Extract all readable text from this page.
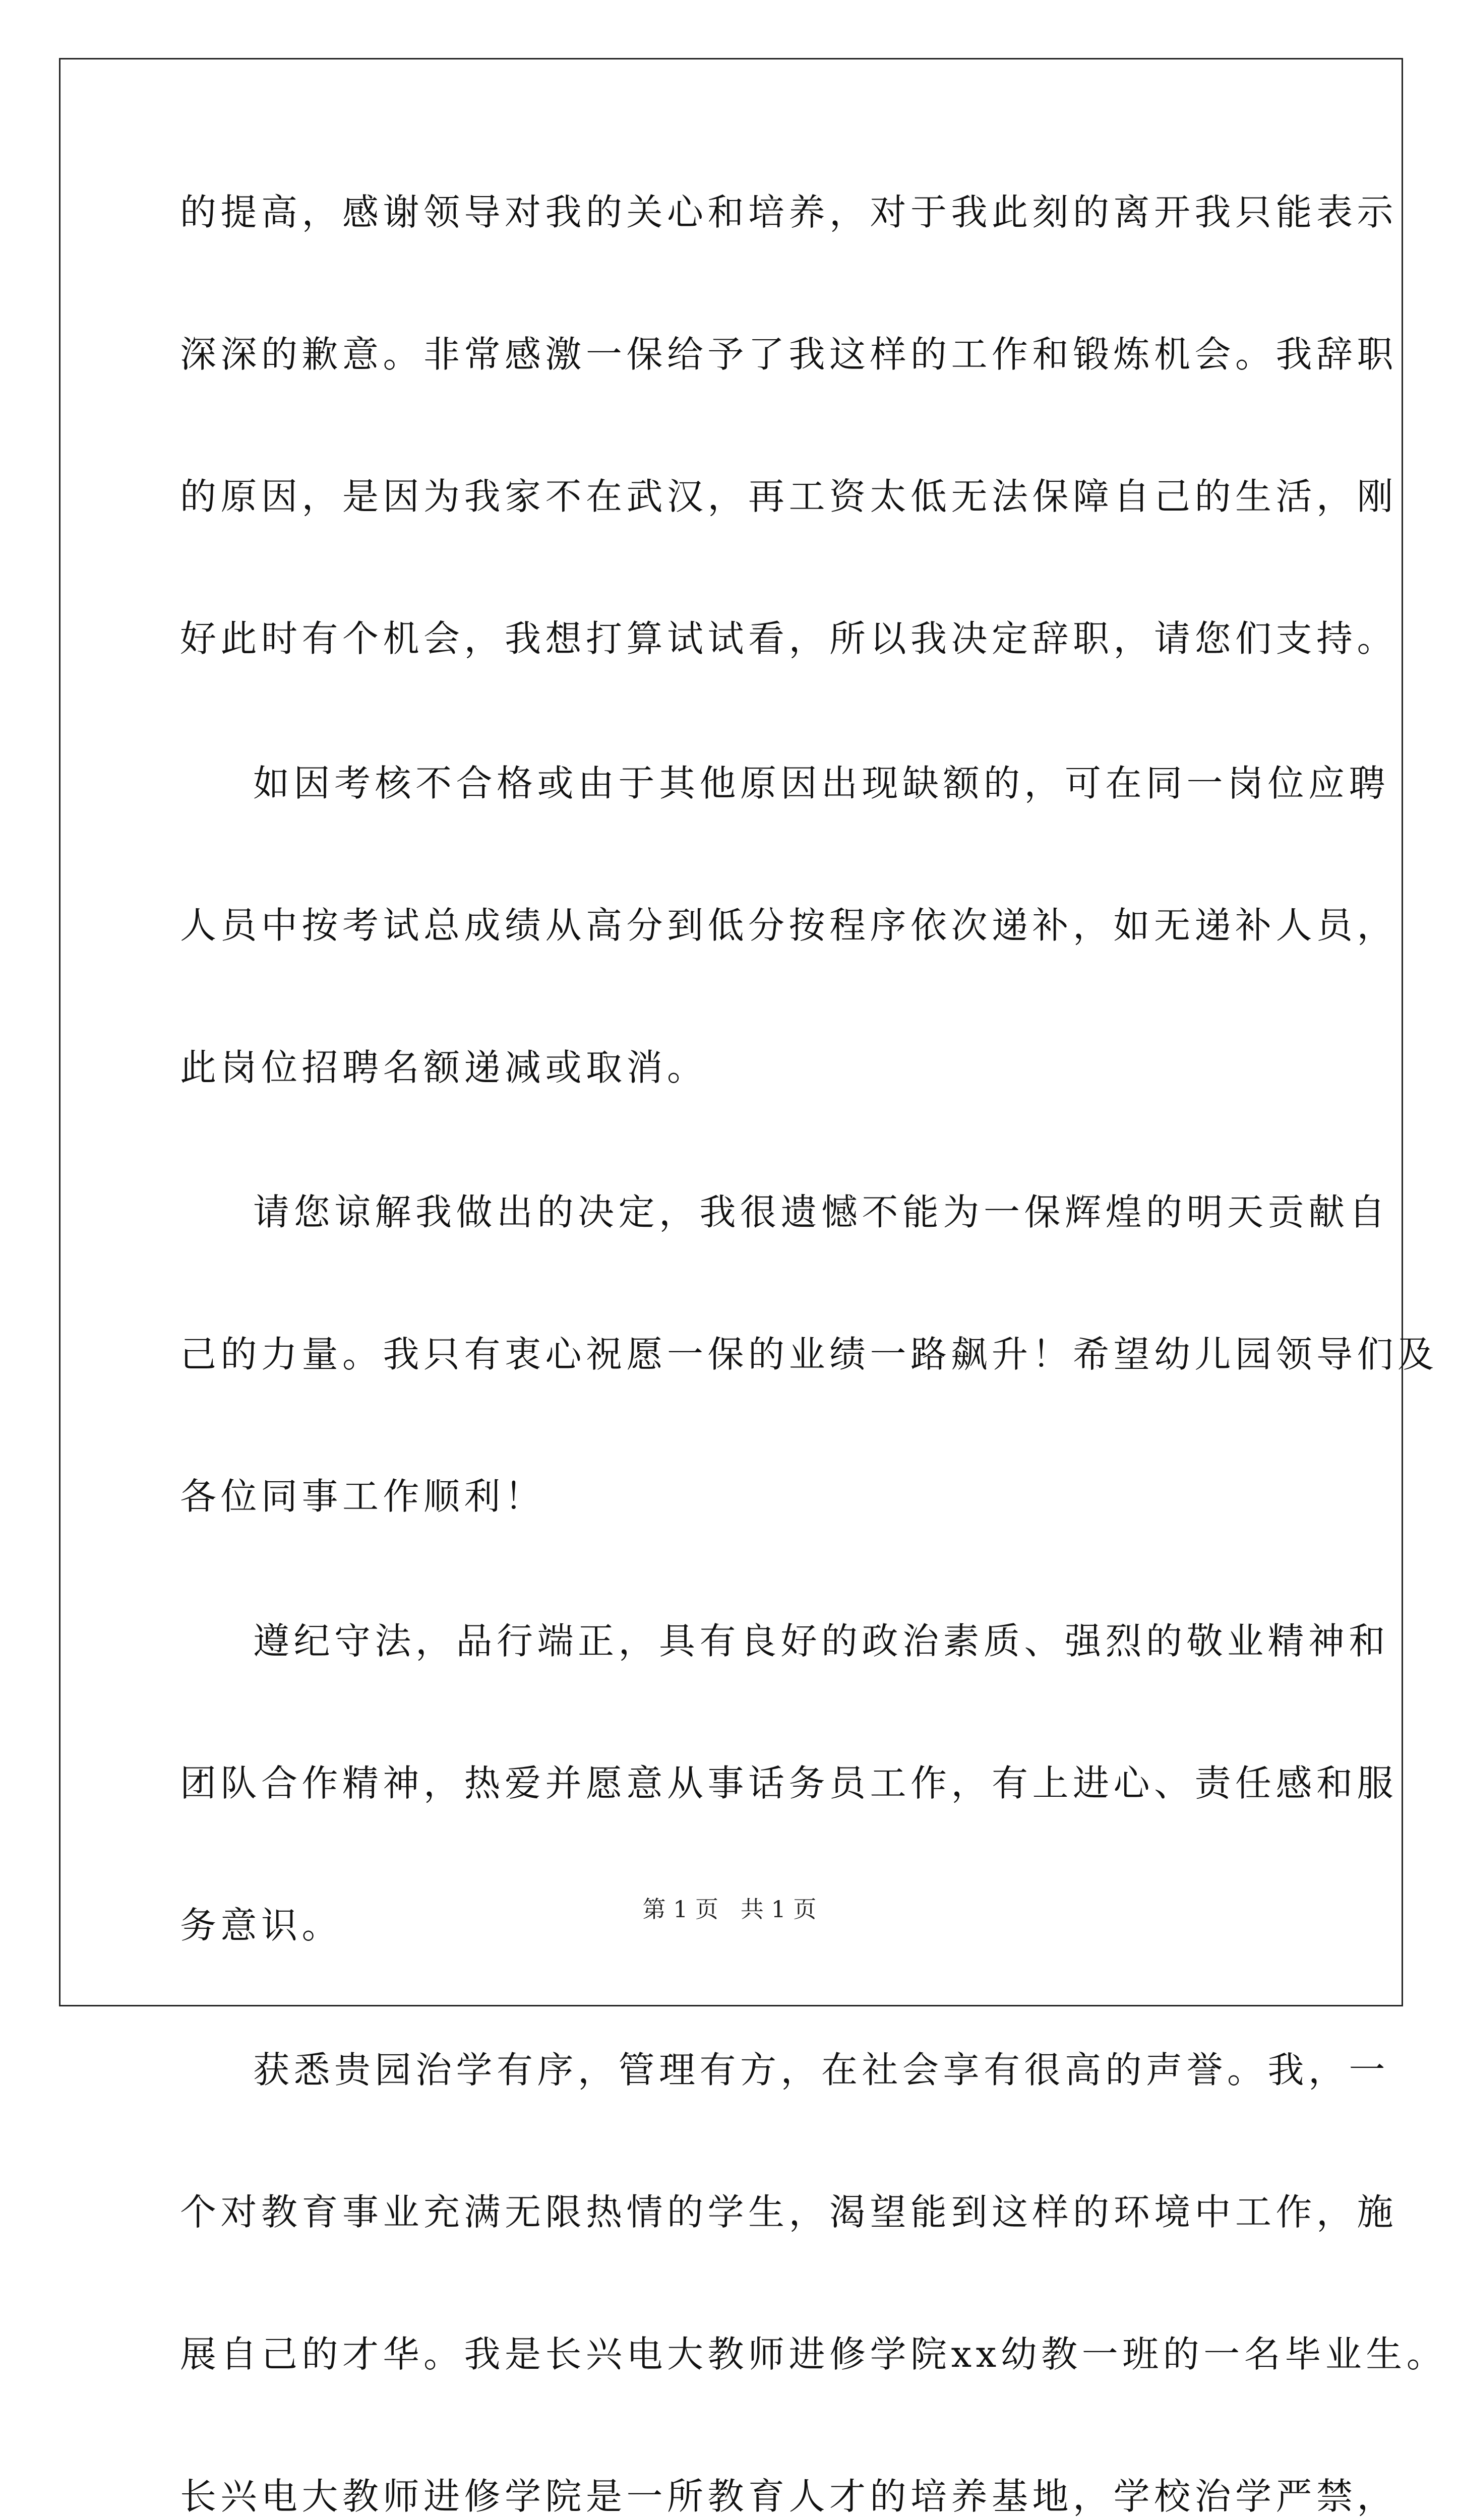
的提高，感谢领导对我的关心和培养，对于我此刻的离开我只能表示
深深的歉意。非常感激一保给予了我这样的工作和锻炼机会。我辞职
的原因，是因为我家不在武汉，再工资太低无法保障自己的生活，刚
好此时有个机会，我想打算试试看，所以我决定辞职，请您们支持。
如因考核不合格或由于其他原因出现缺额的，可在同一岗位应聘
人员中按考试总成绩从高分到低分按程序依次递补，如无递补人员，
此岗位招聘名额递减或取消。
请您谅解我做出的决定，我很遗憾不能为一保辉煌的明天贡献自
己的力量。我只有衷心祝愿一保的业绩一路飙升！希望幼儿园领导们及
各位同事工作顺利！
遵纪守法，品行端正，具有良好的政治素质、强烈的敬业精神和
团队合作精神，热爱并愿意从事话务员工作，有上进心、责任感和服
务意识。
获悉贵园治学有序，管理有方，在社会享有很高的声誉。我，一
个对教育事业充满无限热情的学生，渴望能到这样的环境中工作，施
展自己的才华。我是长兴电大教师进修学院xx幼教一班的一名毕业生。
长兴电大教师进修学院是一所教育人才的培养基地，学校治学严禁，
第 1 页   共 1 页
